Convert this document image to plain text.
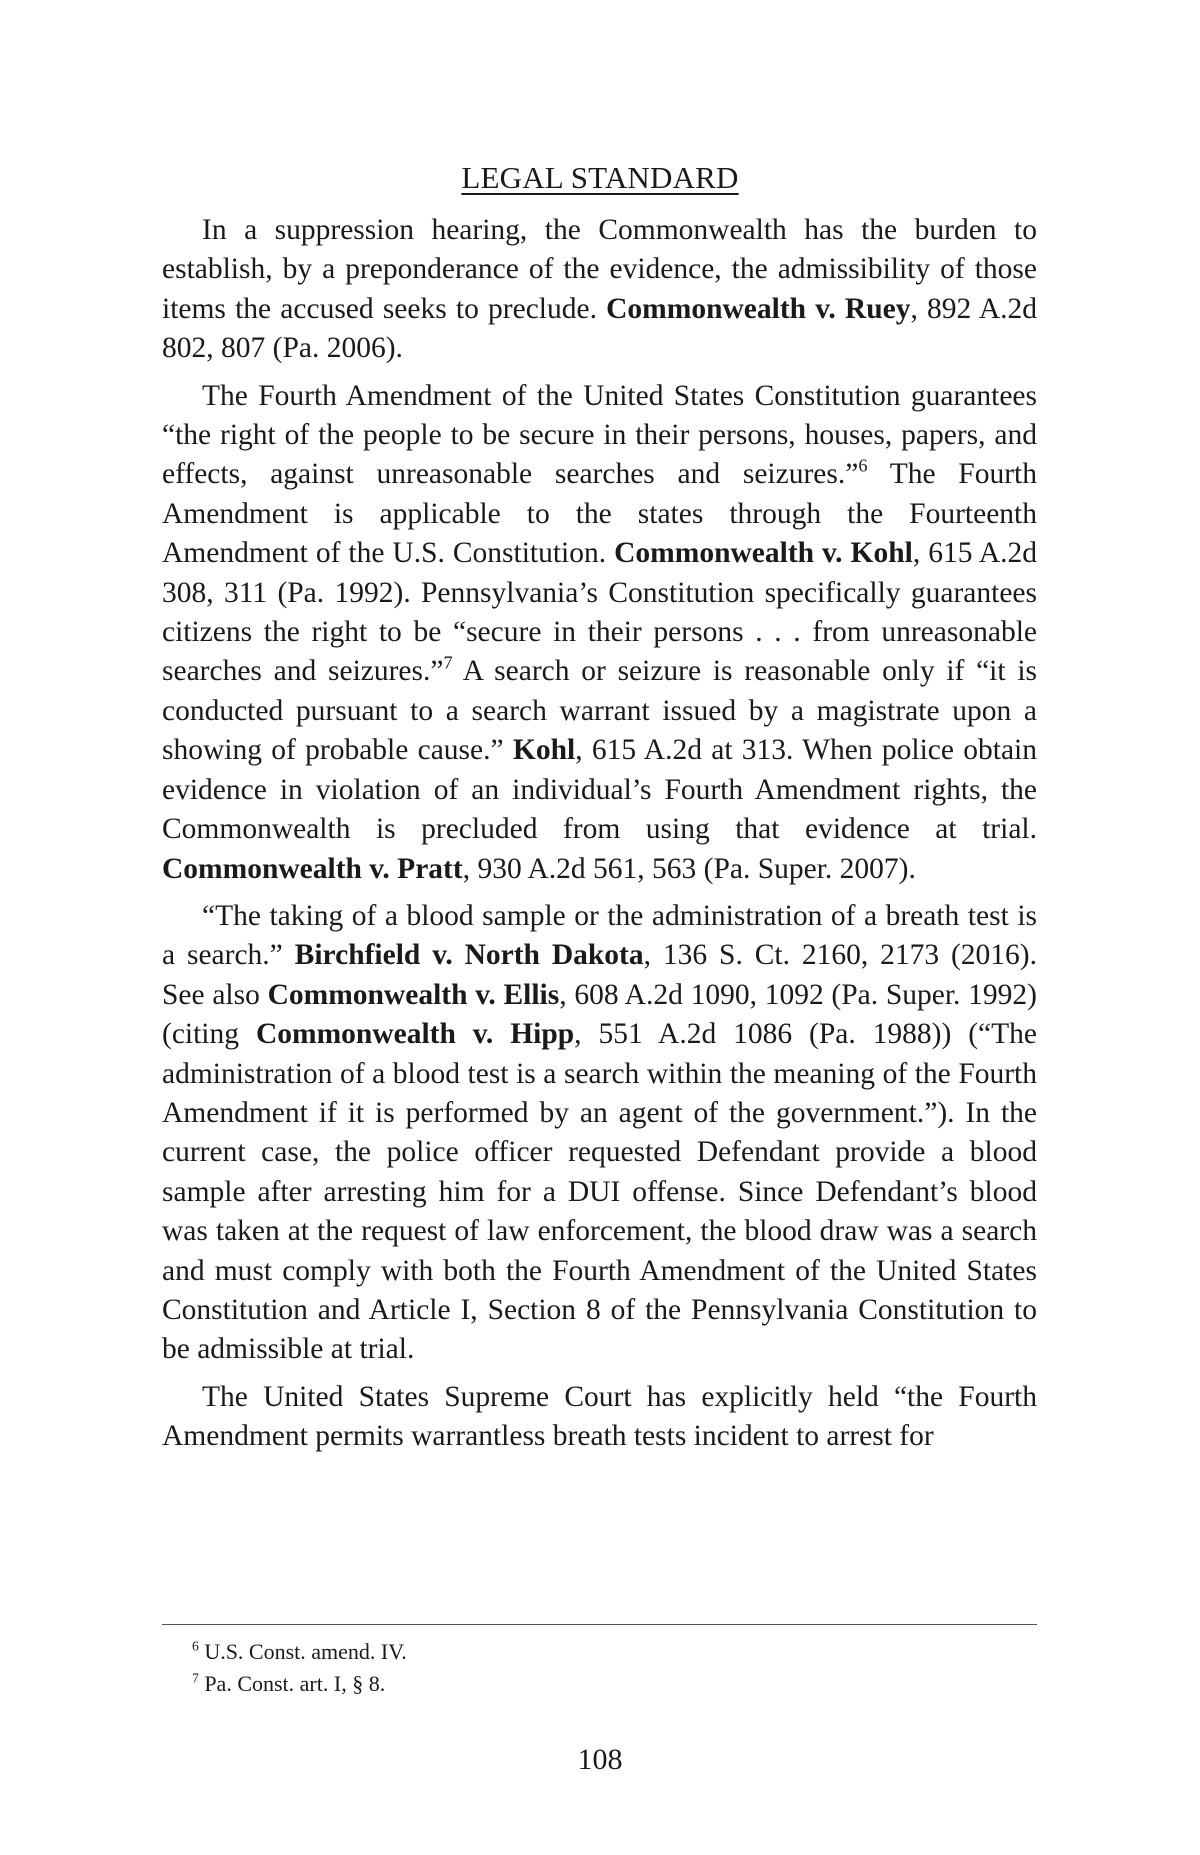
LEGAL STANDARD

In a suppression hearing, the Commonwealth has the burden to establish, by a preponderance of the evidence, the admissibility of those items the accused seeks to preclude. Commonwealth v. Ruey, 892 A.2d 802, 807 (Pa. 2006).

The Fourth Amendment of the United States Constitution guarantees “the right of the people to be secure in their persons, houses, papers, and effects, against unreasonable searches and seizures.”$^6$ The Fourth Amendment is applicable to the states through the Fourteenth Amendment of the U.S. Constitution. Commonwealth v. Kohl, 615 A.2d 308, 311 (Pa. 1992). Pennsylvania’s Constitution specifically guarantees citizens the right to be “secure in their persons . . . from unreasonable searches and seizures.”$^7$ A search or seizure is reasonable only if “it is conducted pursuant to a search warrant issued by a magistrate upon a showing of probable cause.” Kohl, 615 A.2d at 313. When police obtain evidence in violation of an individual’s Fourth Amendment rights, the Commonwealth is precluded from using that evidence at trial. Commonwealth v. Pratt, 930 A.2d 561, 563 (Pa. Super. 2007).

“The taking of a blood sample or the administration of a breath test is a search.” Birchfield v. North Dakota, 136 S. Ct. 2160, 2173 (2016). See also Commonwealth v. Ellis, 608 A.2d 1090, 1092 (Pa. Super. 1992) (citing Commonwealth v. Hipp, 551 A.2d 1086 (Pa. 1988)) (“The administration of a blood test is a search within the meaning of the Fourth Amendment if it is performed by an agent of the government.”). In the current case, the police officer requested Defendant provide a blood sample after arresting him for a DUI offense. Since Defendant’s blood was taken at the request of law enforcement, the blood draw was a search and must comply with both the Fourth Amendment of the United States Constitution and Article I, Section 8 of the Pennsylvania Constitution to be admissible at trial.

The United States Supreme Court has explicitly held “the Fourth Amendment permits warrantless breath tests incident to arrest for

$^6$ U.S. Const. amend. IV.

$^7$ Pa. Const. art. I, § 8.

108
